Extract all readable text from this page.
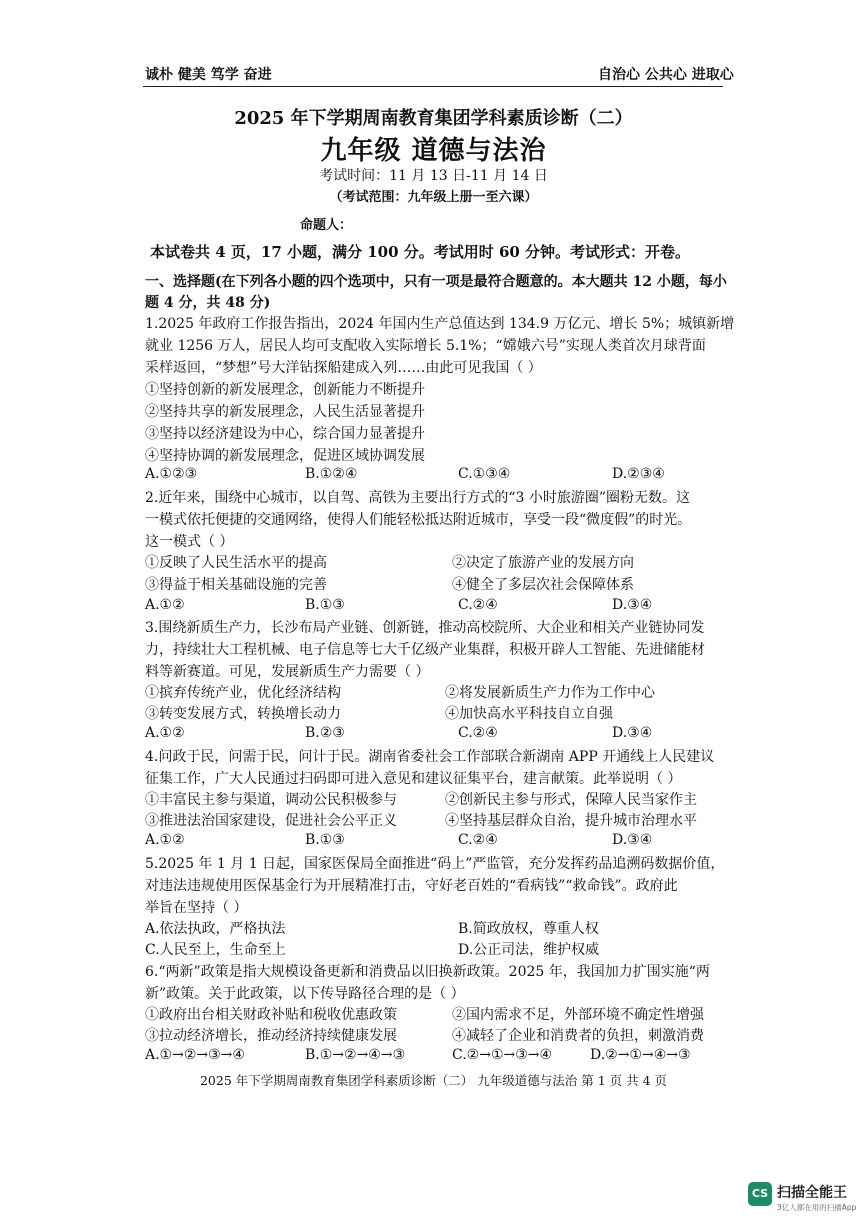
诚朴 健美 笃学 奋进	自治心 公共心 进取心
2025 年下学期周南教育集团学科素质诊断（二）
九年级 道德与法治
考试时间：11 月 13 日-11 月 14 日
（考试范围：九年级上册一至六课）
命题人：
本试卷共 4 页，17 小题，满分 100 分。考试用时 60 分钟。考试形式：开卷。
一、选择题(在下列各小题的四个选项中，只有一项是最符合题意的。本大题共 12 小题，每小
题 4 分，共 48 分)
1.2025 年政府工作报告指出，2024 年国内生产总值达到 134.9 万亿元、增长 5%；城镇新增
就业 1256 万人，居民人均可支配收入实际增长 5.1%；“嫦娥六号”实现人类首次月球背面
采样返回，“梦想”号大洋钻探船建成入列……由此可见我国（ ）
①坚持创新的新发展理念，创新能力不断提升
②坚持共享的新发展理念，人民生活显著提升
③坚持以经济建设为中心，综合国力显著提升
④坚持协调的新发展理念，促进区域协调发展
A.①②③	B.①②④	C.①③④	D.②③④
2.近年来，围绕中心城市，以自驾、高铁为主要出行方式的“3 小时旅游圈”圈粉无数。这
一模式依托便捷的交通网络，使得人们能轻松抵达附近城市，享受一段“微度假”的时光。
这一模式（ ）
①反映了人民生活水平的提高	②决定了旅游产业的发展方向
③得益于相关基础设施的完善	④健全了多层次社会保障体系
A.①②	B.①③	C.②④	D.③④
3.围绕新质生产力，长沙布局产业链、创新链，推动高校院所、大企业和相关产业链协同发
力，持续壮大工程机械、电子信息等七大千亿级产业集群，积极开辟人工智能、先进储能材
料等新赛道。可见，发展新质生产力需要（ ）
①摈弃传统产业，优化经济结构	②将发展新质生产力作为工作中心
③转变发展方式，转换增长动力	④加快高水平科技自立自强
A.①②	B.②③	C.②④	D.③④
4.问政于民，问需于民，问计于民。湖南省委社会工作部联合新湖南 APP 开通线上人民建议
征集工作，广大人民通过扫码即可进入意见和建议征集平台，建言献策。此举说明（ ）
①丰富民主参与渠道，调动公民积极参与	②创新民主参与形式，保障人民当家作主
③推进法治国家建设，促进社会公平正义	④坚持基层群众自治，提升城市治理水平
A.①②	B.①③	C.②④	D.③④
5.2025 年 1 月 1 日起，国家医保局全面推进“码上”严监管，充分发挥药品追溯码数据价值，
对违法违规使用医保基金行为开展精准打击，守好老百姓的“看病钱”“救命钱”。政府此
举旨在坚持（ ）
A.依法执政，严格执法	B.简政放权，尊重人权
C.人民至上，生命至上	D.公正司法，维护权威
6.“两新”政策是指大规模设备更新和消费品以旧换新政策。2025 年，我国加力扩围实施“两
新”政策。关于此政策，以下传导路径合理的是（ ）
①政府出台相关财政补贴和税收优惠政策	②国内需求不足，外部环境不确定性增强
③拉动经济增长，推动经济持续健康发展	④减轻了企业和消费者的负担，刺激消费
A.①→②→③→④	B.①→②→④→③	C.②→①→③→④	D.②→①→④→③
2025 年下学期周南教育集团学科素质诊断（二） 九年级道德与法治 第 1 页 共 4 页
CS 扫描全能王
3亿人都在用的扫描App
